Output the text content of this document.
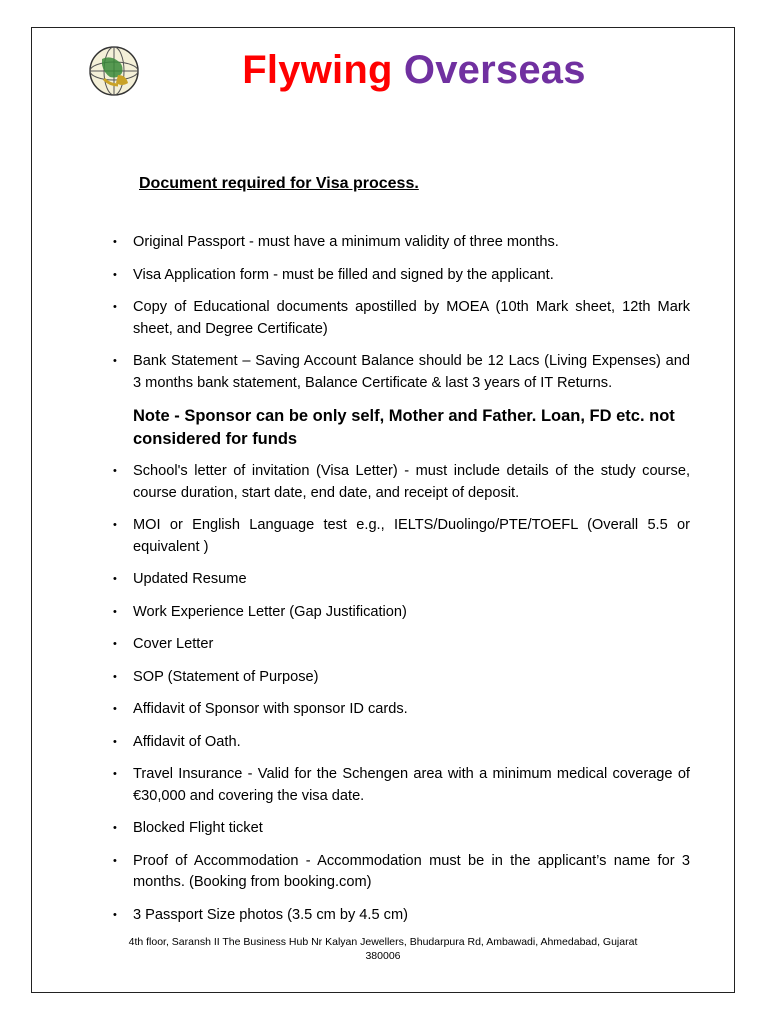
Flywing Overseas
Document required for Visa process.
• Original Passport - must have a minimum validity of three months.
• Visa Application form - must be filled and signed by the applicant.
• Copy of Educational documents apostilled by MOEA (10th Mark sheet, 12th Mark sheet, and Degree Certificate)
• Bank Statement – Saving Account Balance should be 12 Lacs (Living Expenses) and 3 months bank statement, Balance Certificate & last 3 years of IT Returns.
Note - Sponsor can be only self, Mother and Father. Loan, FD etc. not considered for funds
• School's letter of invitation (Visa Letter) - must include details of the study course, course duration, start date, end date, and receipt of deposit.
• MOI or English Language test e.g., IELTS/Duolingo/PTE/TOEFL (Overall 5.5 or equivalent )
• Updated Resume
• Work Experience Letter (Gap Justification)
• Cover Letter
• SOP (Statement of Purpose)
• Affidavit of Sponsor with sponsor ID cards.
• Affidavit of Oath.
• Travel Insurance - Valid for the Schengen area with a minimum medical coverage of €30,000 and covering the visa date.
• Blocked Flight ticket
• Proof of Accommodation - Accommodation must be in the applicant’s name for 3 months. (Booking from booking.com)
• 3 Passport Size photos (3.5 cm by 4.5 cm)
4th floor, Saransh II The Business Hub Nr Kalyan Jewellers, Bhudarpura Rd, Ambawadi, Ahmedabad, Gujarat
380006
